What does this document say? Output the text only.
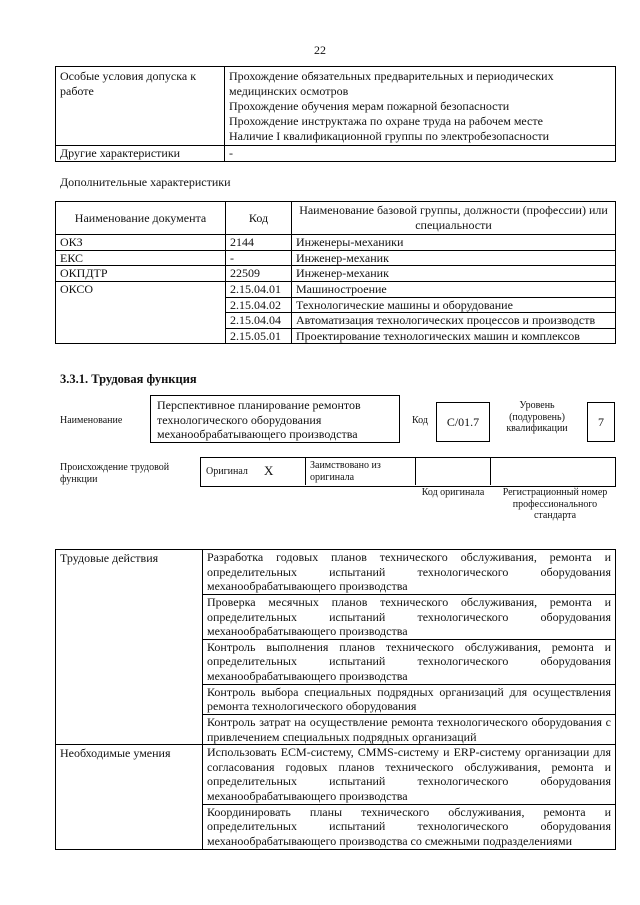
22
Особые условия допуска к работе	Прохождение обязательных предварительных и периодических медицинских осмотров
Прохождение обучения мерам пожарной безопасности
Прохождение инструктажа по охране труда на рабочем месте
Наличие I квалификационной группы по электробезопасности

Другие характеристики	-
Дополнительные характеристики
Наименование документа	Код	Наименование базовой группы, должности (профессии) или специальности
ОКЗ	2144	Инженеры-механики
ЕКС	-	Инженер-механик
ОКПДТР	22509	Инженер-механик
ОКСО	2.15.04.01	Машиностроение
	2.15.04.02	Технологические машины и оборудование
	2.15.04.04	Автоматизация технологических процессов и производств
	2.15.05.01	Проектирование технологических машин и комплексов
3.3.1. Трудовая функция
Наименование
Перспективное планирование ремонтов технологического оборудования механообрабатывающего производства
Код	C/01.7
Уровень (подуровень) квалификации	7
Происхождение трудовой функции
Оригинал X	Заимствовано из оригинала
Код оригинала	Регистрационный номер профессионального стандарта
Трудовые действия	Разработка годовых планов технического обслуживания, ремонта и определительных испытаний технологического оборудования механообрабатывающего производства
	Проверка месячных планов технического обслуживания, ремонта и определительных испытаний технологического оборудования механообрабатывающего производства
	Контроль выполнения планов технического обслуживания, ремонта и определительных испытаний технологического оборудования механообрабатывающего производства
	Контроль выбора специальных подрядных организаций для осуществления ремонта технологического оборудования
	Контроль затрат на осуществление ремонта технологического оборудования с привлечением специальных подрядных организаций
Необходимые умения	Использовать ЕСМ-систему, CMMS-систему и ERP-систему организации для согласования годовых планов технического обслуживания, ремонта и определительных испытаний технологического оборудования механообрабатывающего производства
	Координировать планы технического обслуживания, ремонта и определительных испытаний технологического оборудования механообрабатывающего производства со смежными подразделениями
